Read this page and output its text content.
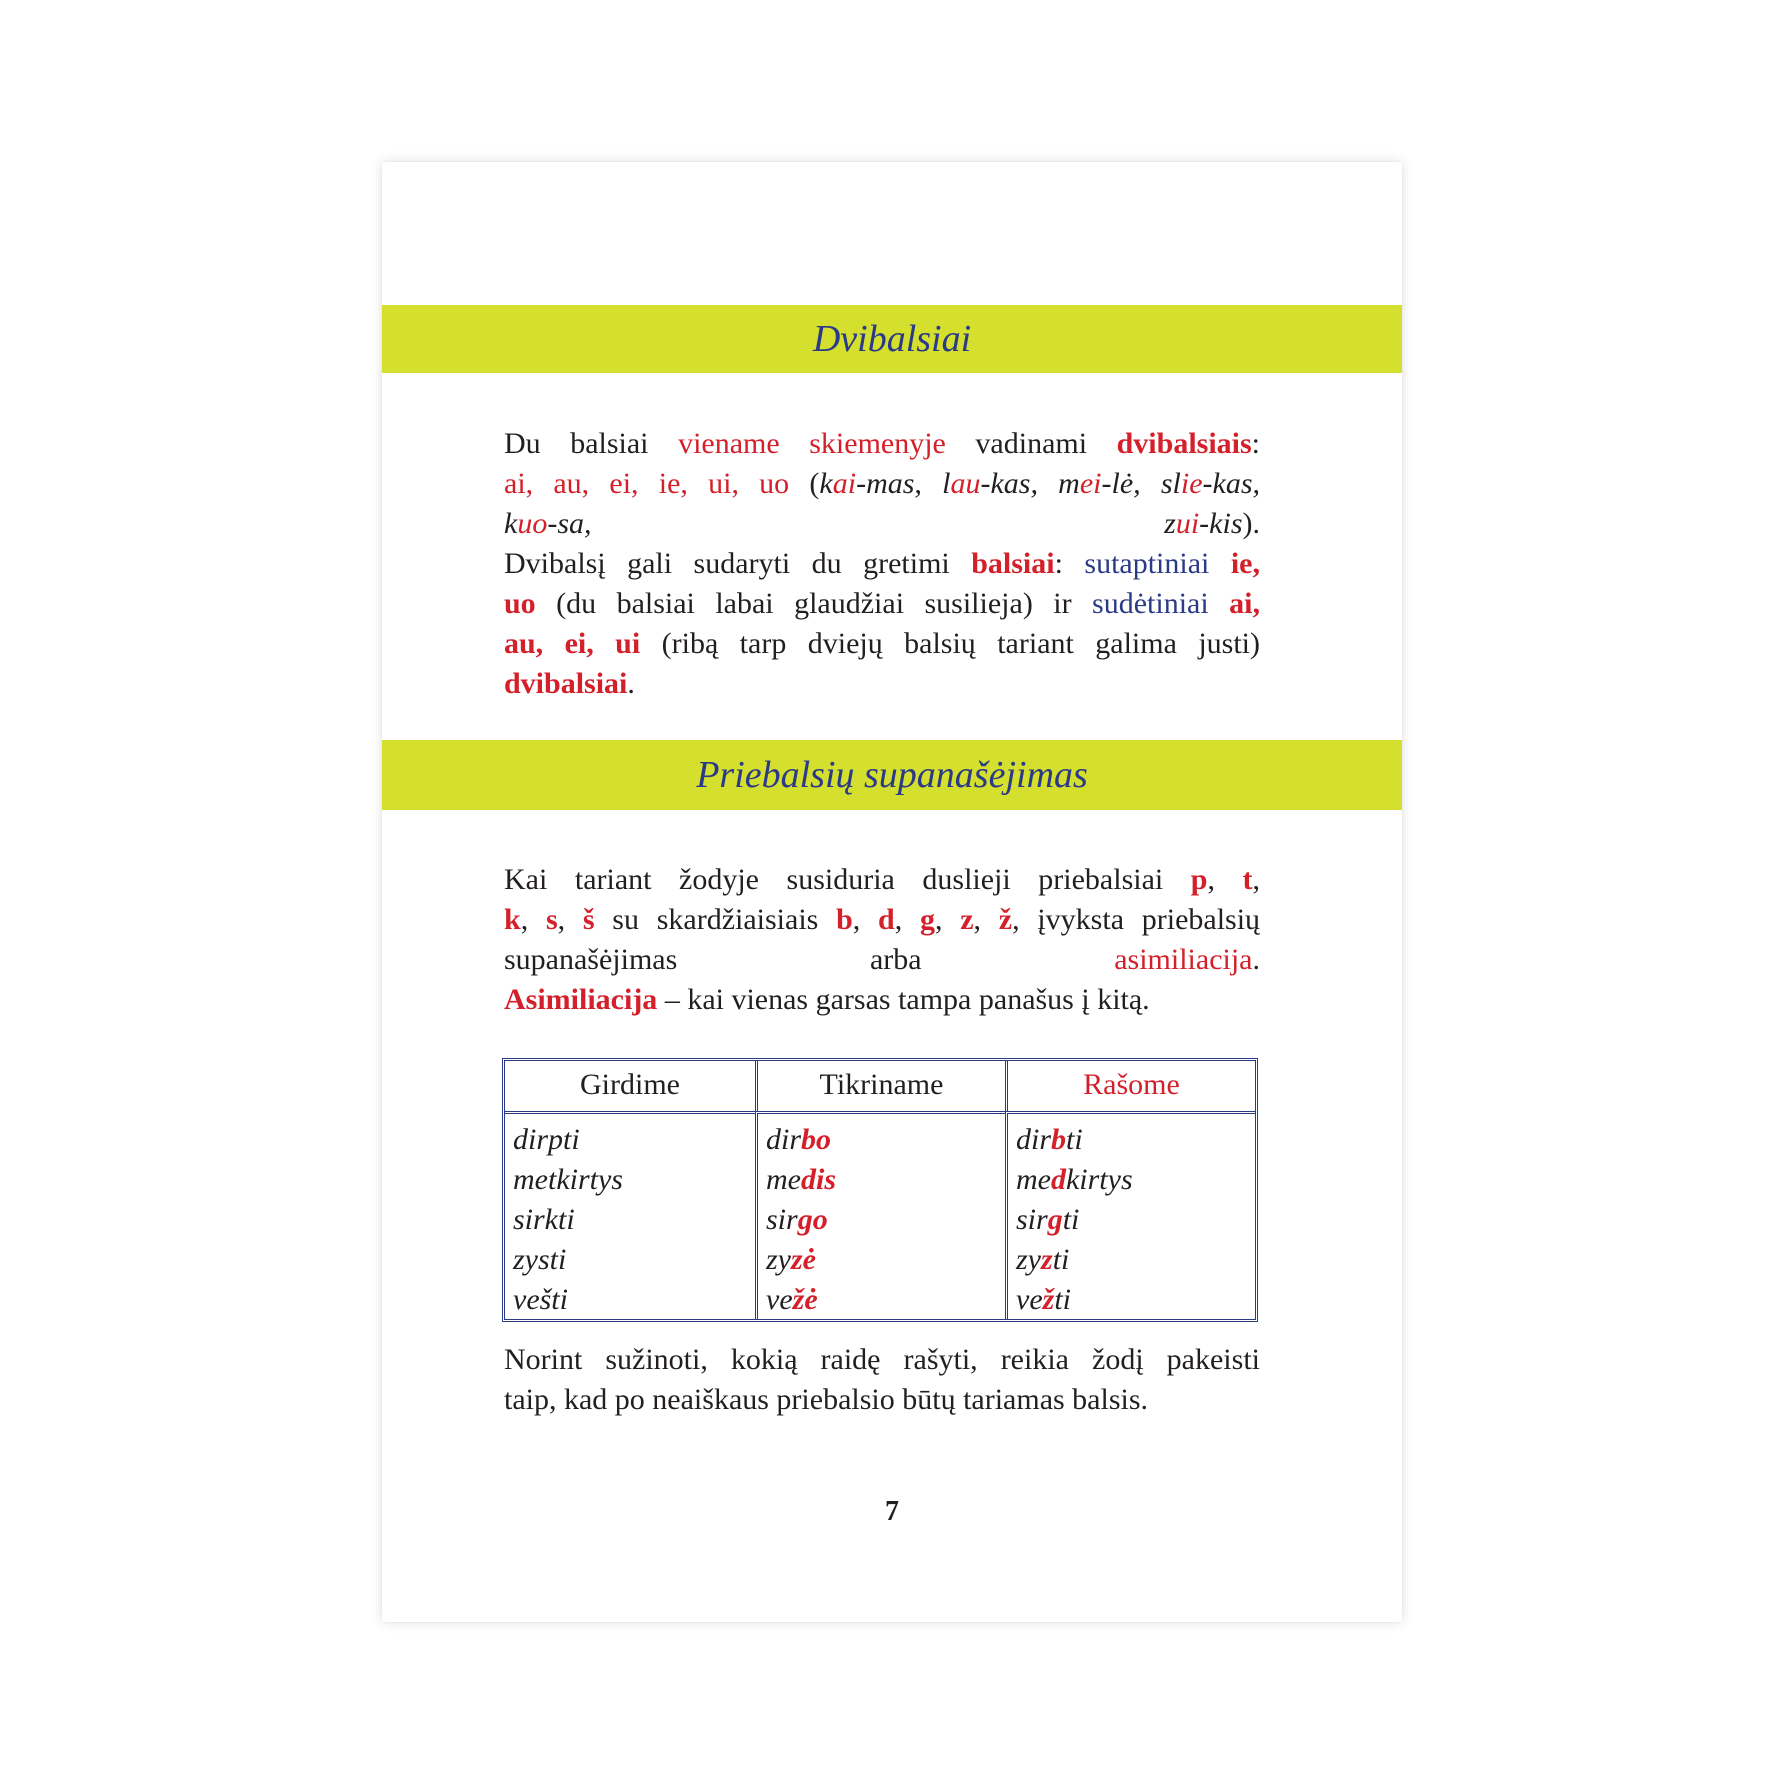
Dvibalsiai
Du balsiai viename skiemenyje vadinami dvibalsiais:
ai, au, ei, ie, ui, uo (kai-mas, lau-kas, mei-lė, slie-kas,
kuo-sa, zui-kis).
Dvibalsį gali sudaryti du gretimi balsiai: sutaptiniai ie,
uo (du balsiai labai glaudžiai susilieja) ir sudėtiniai ai,
au, ei, ui (ribą tarp dviejų balsių tariant galima justi)
dvibalsiai.
Priebalsių supanašėjimas
Kai tariant žodyje susiduria duslieji priebalsiai p, t,
k, s, š su skardžiaisiais b, d, g, z, ž, įvyksta priebalsių
supanašėjimas arba asimiliacija.
Asimiliacija – kai vienas garsas tampa panašus į kitą.
Girdime	Tikriname	Rašome
dirpti
metkirtys
sirkti
zysti
vešti
dirbo
medis
sirgo
zyzė
vežė
dirbti
medkirtys
sirgti
zyzti
vežti
Norint sužinoti, kokią raidę rašyti, reikia žodį pakeisti
taip, kad po neaiškaus priebalsio būtų tariamas balsis.
7
